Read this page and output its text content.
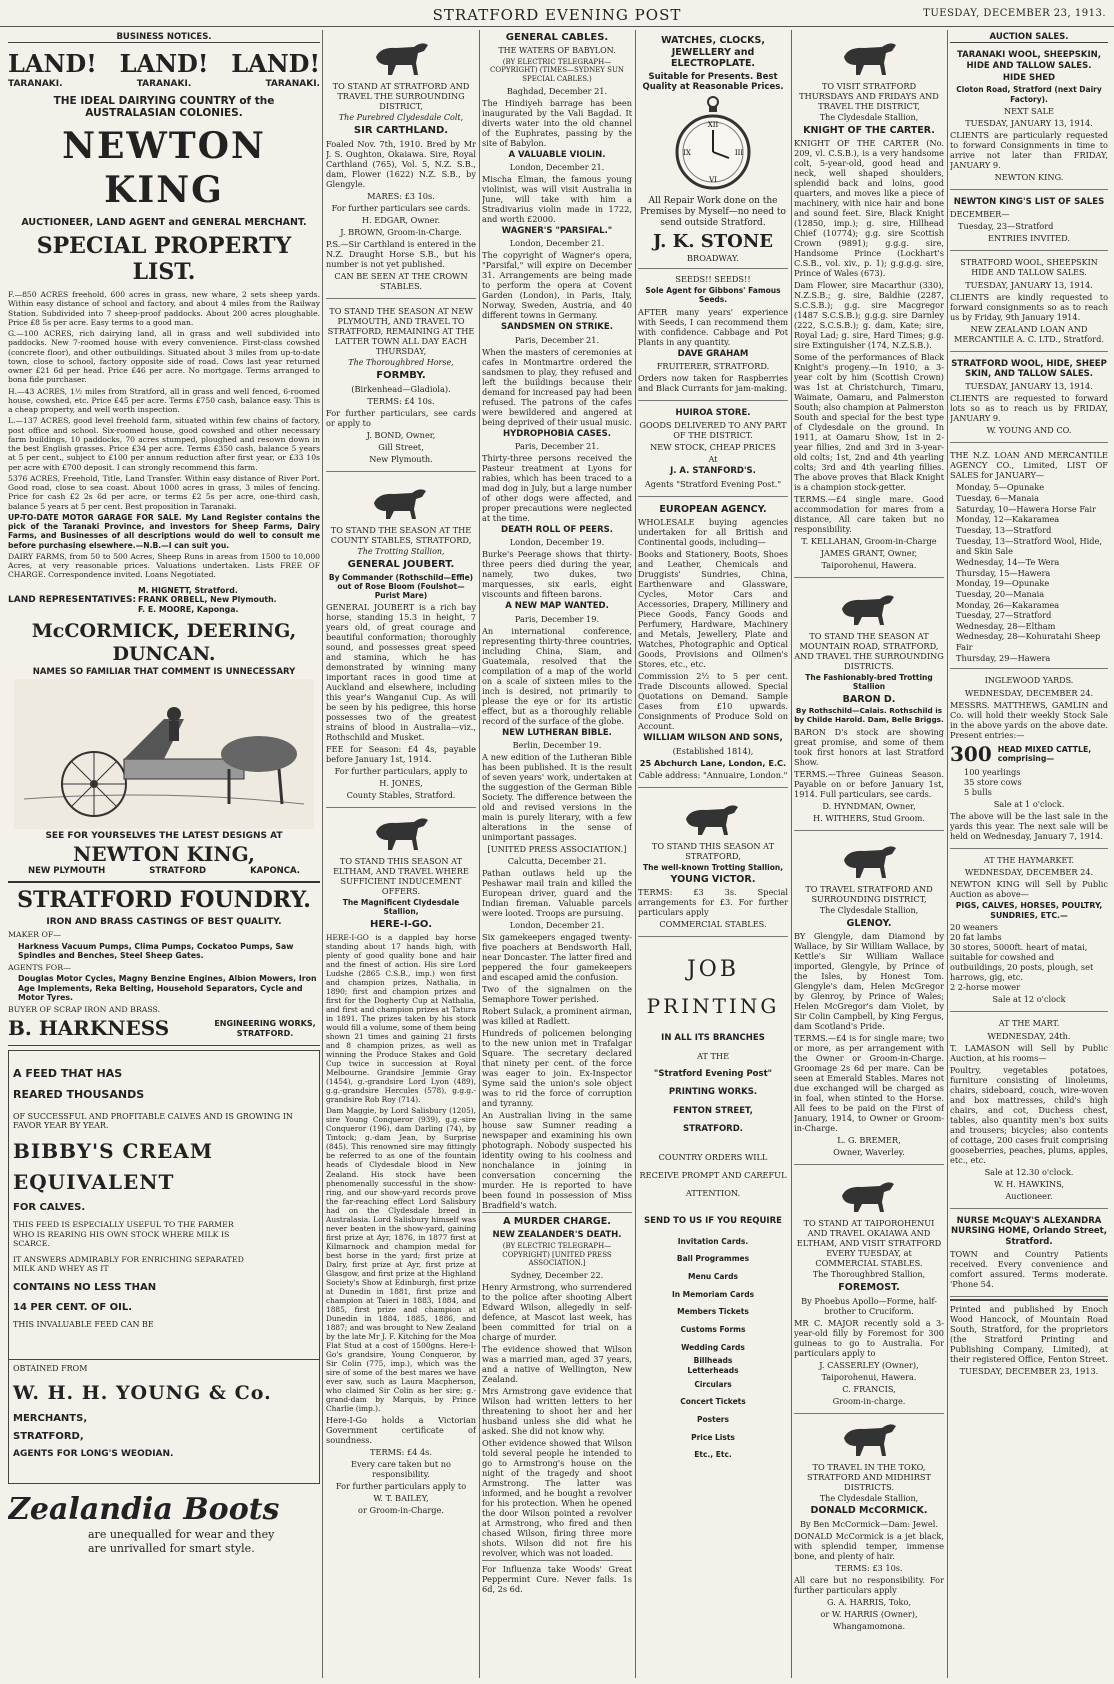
STRATFORD EVENING POST	TUESDAY, DECEMBER 23, 1913.
BUSINESS NOTICES.
LAND! LAND! LAND!
TARANAKI.	TARANAKI.	TARANAKI.
THE IDEAL DAIRYING COUNTRY of the AUSTRALASIAN COLONIES.
NEWTON KING
AUCTIONEER, LAND AGENT and GENERAL MERCHANT.
SPECIAL PROPERTY LIST.

F.—850 ACRES freehold, 600 acres in grass, new whare, 2 sets sheep yards. Within easy distance of school and factory, and about 4 miles from the Railway Station. Subdivided into 7 sheep-proof paddocks. About 200 acres ploughable. Price £8 5s per acre. Easy terms to a good man.

G.—100 ACRES, rich dairying land, all in grass and well subdivided into paddocks. New 7-roomed house with every convenience. First-class cowshed (concrete floor), and other outbuildings. Situated about 3 miles from up-to-date town, close to school, factory opposite side of road. Cows last year returned owner £21 6d per head. Price £46 per acre. No mortgage. Terms arranged to bona fide purchaser.

H.—43 ACRES, 1½ miles from Stratford, all in grass and well fenced, 6-roomed house, cowshed, etc. Price £45 per acre. Terms £750 cash, balance easy. This is a cheap property, and well worth inspection.

L.—137 ACRES, good level freehold farm, situated within few chains of factory, post office and school. Six-roomed house, good cowshed and other necessary farm buildings, 10 paddocks, 70 acres stumped, ploughed and resown down in the best English grasses. Price £34 per acre. Terms £350 cash, balance 5 years at 5 per cent., subject to £100 per annum reduction after first year, or £33 10s per acre with £700 deposit. I can strongly recommend this farm.

5376 ACRES, Freehold, Title, Land Transfer. Within easy distance of River Port. Good road, close to sea coast. About 1000 acres in grass, 3 miles of fencing. Price for cash £2 2s 6d per acre, or terms £2 5s per acre, one-third cash, balance 5 years at 5 per cent. Best proposition in Taranaki.

UP-TO-DATE MOTOR GARAGE FOR SALE. My Land Register contains the pick of the Taranaki Province, and investors for Sheep Farms, Dairy Farms, and Businesses of all descriptions would do well to consult me before purchasing elsewhere.—N.B.—I can suit you.

DAIRY FARMS, from 50 to 500 Acres, Sheep Runs in areas from 1500 to 10,000 Acres, at very reasonable prices. Valuations undertaken. Lists FREE OF CHARGE. Correspondence invited. Loans Negotiated.

LAND REPRESENTATIVES:
M. HIGNETT, Stratford.
FRANK ORBELL, New Plymouth.
F. E. MOORE, Kaponga.
McCORMICK, DEERING, DUNCAN.
NAMES SO FAMILIAR THAT COMMENT IS UNNECESSARY
SEE FOR YOURSELVES THE LATEST DESIGNS AT
NEWTON KING,
NEW PLYMOUTH	STRATFORD	KAPONCA.
STRATFORD FOUNDRY.
IRON AND BRASS CASTINGS OF BEST QUALITY.

MAKER OF—

Harkness Vacuum Pumps, Clima Pumps, Cockatoo Pumps, Saw Spindles and Benches, Steel Sheep Gates.

AGENTS FOR—

Douglas Motor Cycles, Magny Benzine Engines, Albion Mowers, Iron Age Implements, Reka Belting, Household Separators, Cycle and Motor Tyres.

BUYER OF SCRAP IRON AND BRASS.

B. HARKNESS	ENGINEERING WORKS, STRATFORD.
A FEED THAT HAS
REARED THOUSANDS
OF SUCCESSFUL AND PROFITABLE CALVES AND IS GROWING IN FAVOR YEAR BY YEAR.
BIBBY'S CREAM
EQUIVALENT
FOR CALVES.
THIS FEED IS ESPECIALLY USEFUL TO THE FARMER WHO IS REARING HIS OWN STOCK WHERE MILK IS SCARCE.
IT ANSWERS ADMIRABLY FOR ENRICHING SEPARATED MILK AND WHEY AS IT
CONTAINS NO LESS THAN
14 PER CENT. OF OIL.
THIS INVALUABLE FEED CAN BE
OBTAINED FROM
W. H. H. YOUNG & Co.
MERCHANTS,
STRATFORD,
AGENTS FOR LONG'S WEODIAN.
Zealandia Boots
are unequalled for wear and they
are unrivalled for smart style.
TO STAND AT STRATFORD AND TRAVEL THE SURROUNDING DISTRICT,
The Purebred Clydesdale Colt,
SIR CARTHLAND.

Foaled Nov. 7th, 1910. Bred by Mr J. S. Oughton, Okaiawa. Sire, Royal Carthland (765), Vol. 5, N.Z. S.B., dam, Flower (1622) N.Z. S.B., by Glengyle.

MARES: £3 10s.

For further particulars see cards.

H. EDGAR, Owner.

J. BROWN, Groom-in-Charge.

P.S.—Sir Carthland is entered in the N.Z. Draught Horse S.B., but his number is not yet published.

CAN BE SEEN AT THE CROWN STABLES.

TO STAND THE SEASON AT NEW PLYMOUTH, AND TRAVEL TO STRATFORD, REMAINING AT THE LATTER TOWN ALL DAY EACH THURSDAY,

The Thoroughbred Horse,

FORMBY.

(Birkenhead—Gladiola).

TERMS: £4 10s.

For further particulars, see cards or apply to

J. BOND, Owner,

Gill Street,

New Plymouth.

TO STAND THE SEASON AT THE COUNTY STABLES, STRATFORD,

The Trotting Stallion,

GENERAL JOUBERT.

By Commander (Rothschild—Effie) out of Rose Bloom (Foulshot—Purist Mare)

GENERAL JOUBERT is a rich bay horse, standing 15.3 in height, 7 years old, of great courage and beautiful conformation; thoroughly sound, and possesses great speed and stamina, which he has demonstrated by winning many important races in good time at Auckland and elsewhere, including this year's Wanganui Cup. As will be seen by his pedigree, this horse possesses two of the greatest strains of blood in Australia—viz., Rothschild and Musket.

FEE for Season: £4 4s, payable before January 1st, 1914.

For further particulars, apply to

H. JONES,

County Stables, Stratford.

TO STAND THIS SEASON AT ELTHAM, AND TRAVEL WHERE SUFFICIENT INDUCEMENT OFFERS.

The Magnificent Clydesdale Stallion,

HERE-I-GO.

HERE-I-GO is a dappled bay horse standing about 17 hands high, with plenty of good quality bone and hair and the finest of action. His sire Lord Ludshe (2865 C.S.B., imp.) won first and champion prizes, Nathalia, in 1890; first and champion prizes and first for the Dogherty Cup at Nathalia, and first and champion prizes at Tatura in 1891. The prizes taken by his stock would fill a volume, some of them being shown 21 times and gaining 21 firsts and 8 champion prizes, as well as winning the Produce Stakes and Gold Cup twice in succession at Royal Melbourne. Grandsire Jemmie Gray (1454), g.-grandsire Lord Lyon (489), g.g.-grandsire Hercules (578), g.g.g.-grandsire Rob Roy (714).

Dam Maggie, by Lord Salisbury (1205), sire Young Conqueror (939), g.g.-sire Conqueror (196), dam Darling (74), by Tintock; g.-dam Jean, by Surprise (845). This renowned sire may fittingly be referred to as one of the fountain heads of Clydesdale blood in New Zealand. His stock have been phenomenally successful in the show-ring, and our show-yard records prove the far-reaching effect Lord Salisbury had on the Clydesdale breed in Australasia. Lord Salisbury himself was never beaten in the show-yard, gaining first prize at Ayr, 1876, in 1877 first at Kilmarnock and champion medal for best horse in the yard; first prize at Dalry, first prize at Ayr, first prize at Glasgow, and first prize at the Highland Society's Show at Edinburgh, first prize at Dunedin in 1881, first prize and champion at Taieri in 1883, 1884, and 1885, first prize and champion at Dunedin in 1884, 1885, 1886, and 1887; and was brought to New Zealand by the late Mr J. F. Kitching for the Moa Flat Stud at a cost of 1500gns. Here-I-Go's grandsire, Young Conqueror, by Sir Colin (775, imp.), which was the sire of some of the best mares we have ever saw, such as Laura Macpherson, who claimed Sir Colin as her sire; g.-grand-dam by Marquis, by Prince Charlie (imp.).

Here-I-Go holds a Victorian Government certificate of soundness.

TERMS: £4 4s.

Every care taken but no responsibility.

For further particulars apply to

W. T. BAILEY,

or Groom-in-Charge.

GENERAL CABLES.
THE WATERS OF BABYLON.

(BY ELECTRIC TELEGRAPH—COPYRIGHT) (TIMES—SYDNEY SUN SPECIAL CABLES.)

Baghdad, December 21.

The Hindiyeh barrage has been inaugurated by the Vali Bagdad. It diverts water into the old channel of the Euphrates, passing by the site of Babylon.

A VALUABLE VIOLIN.

London, December 21.

Mischa Elman, the famous young violinist, was will visit Australia in June, will take with him a Stradivarius violin made in 1722, and worth £2000.

WAGNER'S "PARSIFAL."

London, December 21.

The copyright of Wagner's opera, "Parsifal," will expire on December 31. Arrangements are being made to perform the opera at Covent Garden (London), in Paris, Italy, Norway, Sweden, Austria, and 40 different towns in Germany.

SANDSMEN ON STRIKE.

Paris, December 21.

When the masters of ceremonies at cafes in Montmartre ordered the sandsmen to play, they refused and left the buildings because their demand for increased pay had been refused. The patrons of the cafes were bewildered and angered at being deprived of their usual music.

HYDROPHOBIA CASES.

Paris, December 21.

Thirty-three persons received the Pasteur treatment at Lyons for rabies, which has been traced to a mad dog in July, but a large number of other dogs were affected, and proper precautions were neglected at the time.

DEATH ROLL OF PEERS.

London, December 19.

Burke's Peerage shows that thirty-three peers died during the year, namely, two dukes, two marquesses, six earls, eight viscounts and fifteen barons.

A NEW MAP WANTED.

Paris, December 19.

An international conference, representing thirty-three countries, including China, Siam, and Guatemala, resolved that the compilation of a map of the world on a scale of sixteen miles to the inch is desired, not primarily to please the eye or for its artistic effect, but as a thoroughly reliable record of the surface of the globe.

NEW LUTHERAN BIBLE.

Berlin, December 19.

A new edition of the Lutheran Bible has been published. It is the result of seven years' work, undertaken at the suggestion of the German Bible Society. The difference between the old and revised versions in the main is purely literary, with a few alterations in the sense of unimportant passages.

[UNITED PRESS ASSOCIATION.]

Calcutta, December 21.

Pathan outlaws held up the Peshawar mail train and killed the European driver, guard and the Indian fireman. Valuable parcels were looted. Troops are pursuing.

London, December 21.

Six gamekeepers engaged twenty-five poachers at Bendsworth Hall, near Doncaster. The latter fired and peppered the four gamekeepers and escaped amid the confusion.

Two of the signalmen on the Semaphore Tower perished.

Robert Sulack, a prominent airman, was killed at Radlett.

Hundreds of policemen belonging to the new union met in Trafalgar Square. The secretary declared that ninety per cent. of the force was eager to join. Ex-Inspector Syme said the union's sole object was to rid the force of corruption and tyranny.

An Australian living in the same house saw Sumner reading a newspaper and examining his own photograph. Nobody suspected his identity owing to his coolness and nonchalance in joining in conversation concerning the murder. He is reported to have been found in possession of Miss Bradfield's watch.

A MURDER CHARGE.
NEW ZEALANDER'S DEATH.

(BY ELECTRIC TELEGRAPH—COPYRIGHT) [UNITED PRESS ASSOCIATION.]

Sydney, December 22.

Henry Armstrong, who surrendered to the police after shooting Albert Edward Wilson, allegedly in self-defence, at Mascot last week, has been committed for trial on a charge of murder.

The evidence showed that Wilson was a married man, aged 37 years, and a native of Wellington, New Zealand.

Mrs Armstrong gave evidence that Wilson had written letters to her threatening to shoot her and her husband unless she did what he asked. She did not know why.

Other evidence showed that Wilson told several people he intended to go to Armstrong's house on the night of the tragedy and shoot Armstrong. The latter was informed, and he bought a revolver for his protection. When he opened the door Wilson pointed a revolver at Armstrong, who fired and then chased Wilson, firing three more shots. Wilson did not fire his revolver, which was not loaded.

For Influenza take Woods' Great Peppermint Cure. Never fails. 1s 6d, 2s 6d.

WATCHES, CLOCKS, JEWELLERY and ELECTROPLATE.
Suitable for Presents. Best Quality at Reasonable Prices.
XII
III
VI
IX

All Repair Work done on the Premises by Myself—no need to send outside Stratford.

J. K. STONE
BROADWAY.
SEEDS!! SEEDS!!
Sole Agent for Gibbons' Famous Seeds.

AFTER many years' experience with Seeds, I can recommend them with confidence. Cabbage and Pot Plants in any quantity.

DAVE GRAHAM
FRUITERER, STRATFORD.

Orders now taken for Raspberries and Black Currants for jam-making.

HUIROA STORE.

GOODS DELIVERED TO ANY PART OF THE DISTRICT.

NEW STOCK, CHEAP PRICES

At

J. A. STANFORD'S.

Agents "Stratford Evening Post."

EUROPEAN AGENCY.

WHOLESALE buying agencies undertaken for all British and Continental goods, including—

Books and Stationery, Boots, Shoes and Leather, Chemicals and Druggists' Sundries, China, Earthenware and Glassware, Cycles, Motor Cars and Accessories, Drapery, Millinery and Piece Goods, Fancy Goods and Perfumery, Hardware, Machinery and Metals, Jewellery, Plate and Watches, Photographic and Optical Goods, Provisions and Oilmen's Stores, etc., etc.

Commission 2½ to 5 per cent. Trade Discounts allowed. Special Quotations on Demand. Sample Cases from £10 upwards. Consignments of Produce Sold on Account.

WILLIAM WILSON AND SONS,

(Established 1814),

25 Abchurch Lane, London, E.C.

Cable address: "Annuaire, London."

TO STAND THIS SEASON AT STRATFORD,

The well-known Trotting Stallion,
YOUNG VICTOR.

TERMS: £3 3s. Special arrangements for £3. For further particulars apply

COMMERCIAL STABLES.

JOB
PRINTING
IN ALL ITS BRANCHES
AT THE
"Stratford Evening Post"
PRINTING WORKS.
FENTON STREET,
STRATFORD.
COUNTRY ORDERS WILL RECEIVE PROMPT AND CAREFUL ATTENTION.
SEND TO US IF YOU REQUIRE
Invitation Cards.
Ball Programmes
Menu Cards
In Memoriam Cards
Members Tickets
Customs Forms
Wedding Cards
Billheads
Letterheads
Circulars
Concert Tickets
Posters
Price Lists
Etc., Etc.

TO VISIT STRATFORD THURSDAYS AND FRIDAYS AND TRAVEL THE DISTRICT,

The Clydesdale Stallion,
KNIGHT OF THE CARTER.

KNIGHT OF THE CARTER (No. 209, vl. C.S.B.), is a very handsome colt, 5-year-old, good head and neck, well shaped shoulders, splendid back and loins, good quarters, and moves like a piece of machinery, with nice hair and bone and sound feet. Sire, Black Knight (12850, imp.); g. sire, Hillhead Chief (10774); g.g. sire Scottish Crown (9891); g.g.g. sire, Handsome Prince (Lockhart's C.S.B., vol. xiv., p. 1); g.g.g.g. sire, Prince of Wales (673).

Dam Flower, sire Macarthur (330), N.Z.S.B.; g. sire, Baldhie (2287, S.C.S.B.); g.g. sire Macgregor (1487 S.C.S.B.); g.g.g. sire Darnley (222, S.C.S.B.); g. dam, Kate; sire, Royal Lad; g. sire, Hard Times; g.g. sire Extinguisher (174, N.Z.S.B.).

Some of the performances of Black Knight's progeny.—In 1910, a 3-year colt by him (Scottish Crown) was 1st at Christchurch, Timaru, Waimate, Oamaru, and Palmerston South; also champion at Palmerston South and special for the best type of Clydesdale on the ground. In 1911, at Oamaru Show, 1st in 2-year fillies, 2nd and 3rd in 3-year-old colts; 1st, 2nd and 4th yearling colts; 3rd and 4th yearling fillies. The above proves that Black Knight is a champion stock-getter.

TERMS.—£4 single mare. Good accommodation for mares from a distance, All care taken but no responsibility.

T. KELLAHAN, Groom-in-Charge

JAMES GRANT, Owner,

Taiporohenui, Hawera.

TO STAND THE SEASON AT MOUNTAIN ROAD, STRATFORD, AND TRAVEL THE SURROUNDING DISTRICTS.

The Fashionably-bred Trotting Stallion
BARON D.

By Rothschild—Calais. Rothschild is by Childe Harold. Dam, Belle Briggs.

BARON D's stock are showing great promise, and some of them took first honors at last Stratford Show.

TERMS.—Three Guineas Season. Payable on or before January 1st, 1914. Full particulars, see cards.

D. HYNDMAN, Owner,

H. WITHERS, Stud Groom.

TO TRAVEL STRATFORD AND SURROUNDING DISTRICT,

The Clydesdale Stallion,
GLENOY.

BY Glengyle, dam Diamond by Wallace, by Sir William Wallace, by Kettle's Sir William Wallace imported, Glengyle, by Prince of the Isles, by Honest Tom. Glengyle's dam, Helen McGregor by Glenroy, by Prince of Wales; Helen McGregor's dam Violet, by Sir Colin Campbell, by King Fergus, dam Scotland's Pride.

TERMS.—£4 is for single mare; two or more, as per arrangement with the Owner or Groom-in-Charge. Groomage 2s 6d per mare. Can be seen at Emerald Stables. Mares not due exchanged will be charged as in foal, when stinted to the Horse. All fees to be paid on the First of January, 1914, to Owner or Groom-in-Charge.

L. G. BREMER,

Owner, Waverley.

TO STAND AT TAIPOROHENUI AND TRAVEL OKAIAWA AND ELTHAM, AND VISIT STRATFORD EVERY TUESDAY, at COMMERCIAL STABLES.

The Thoroughbred Stallion,
FOREMOST.

By Phoebus Apollo—Forme, half-brother to Cruciform.

MR C. MAJOR recently sold a 3-year-old filly by Foremost for 300 guineas to go to Australia. For particulars apply to

J. CASSERLEY (Owner),

Taiporohenui, Hawera.

C. FRANCIS,

Groom-in-charge.

TO TRAVEL IN THE TOKO, STRATFORD AND MIDHIRST DISTRICTS.

The Clydesdale Stallion,
DONALD McCORMICK.

By Ben McCormick—Dam: Jewel.

DONALD McCormick is a jet black, with splendid temper, immense bone, and plenty of hair.

TERMS: £3 10s.

All care but no responsibility. For further particulars apply

G. A. HARRIS, Toko,

or W. HARRIS (Owner),

Whangamomona.

AUCTION SALES.
TARANAKI WOOL, SHEEPSKIN, HIDE AND TALLOW SALES.
HIDE SHED

Cloton Road, Stratford (next Dairy Factory).

NEXT SALE

TUESDAY, JANUARY 13, 1914.

CLIENTS are particularly requested to forward Consignments in time to arrive not later than FRIDAY, JANUARY 9.

NEWTON KING.

NEWTON KING'S LIST OF SALES

DECEMBER—

Tuesday, 23—Stratford

ENTRIES INVITED.

STRATFORD WOOL, SHEEPSKIN HIDE AND TALLOW SALES.

TUESDAY, JANUARY 13, 1914.

CLIENTS are kindly requested to forward consignments so as to reach us by Friday, 9th January 1914.

NEW ZEALAND LOAN AND MERCANTILE A. C. LTD., Stratford.

STRATFORD WOOL, HIDE, SHEEP SKIN, AND TALLOW SALES.

TUESDAY, JANUARY 13, 1914.

CLIENTS are requested to forward lots so as to reach us by FRIDAY, JANUARY 9.

W. YOUNG AND CO.

THE N.Z. LOAN AND MERCANTILE AGENCY CO., Limited, LIST OF SALES for JANUARY—

Monday, 5—Opunake
Tuesday, 6—Manaia
Saturday, 10—Hawera Horse Fair
Monday, 12—Kakaramea
Tuesday, 13—Stratford
Tuesday, 13—Stratford Wool, Hide, and Skin Sale
Wednesday, 14—Te Wera
Thursday, 15—Hawera
Monday, 19—Opunake
Tuesday, 20—Manaia
Monday, 26—Kakaramea
Tuesday, 27—Stratford
Wednesday, 28—Eltham
Wednesday, 28—Kohuratahi Sheep Fair
Thursday, 29—Hawera
INGLEWOOD YARDS.

WEDNESDAY, DECEMBER 24.

MESSRS. MATTHEWS, GAMLIN and Co. will hold their weekly Stock Sale in the above yards on the above date. Present entries:—

300 HEAD MIXED CATTLE, comprising—
100 yearlings
35 store cows
5 bulls

Sale at 1 o'clock.

The above will be the last sale in the yards this year. The next sale will be held on Wednesday, January 7, 1914.

AT THE HAYMARKET.

WEDNESDAY, DECEMBER 24.

NEWTON KING will Sell by Public Auction as above—

PIGS, CALVES, HORSES, POULTRY, SUNDRIES, ETC.—

20 weaners
20 fat lambs
30 stores, 5000ft. heart of matai, suitable for cowshed and outbuildings, 20 posts, plough, set harrows, gig, etc.
2 2-horse mower

Sale at 12 o'clock

AT THE MART.

WEDNESDAY, 24th.

T. LAMASON will Sell by Public Auction, at his rooms—

Poultry, vegetables potatoes, furniture consisting of linoleums, chairs, sideboard, couch, wire-woven and box mattresses, child's high chairs, and cot, Duchess chest, tables, also quantity men's box suits and trousers; bicycles; also contents of cottage, 200 cases fruit comprising gooseberries, peaches, plums, apples, etc., etc.

Sale at 12.30 o'clock.

W. H. HAWKINS,

Auctioneer.

NURSE McQUAY'S ALEXANDRA NURSING HOME, Orlando Street, Stratford.

TOWN and Country Patients received. Every convenience and comfort assured. Terms moderate. 'Phone 54.

Printed and published by Enoch Wood Hancock, of Mountain Road South, Stratford, for the proprietors (the Stratford Printing and Publishing Company, Limited), at their registered Office, Fenton Street.

TUESDAY, DECEMBER 23, 1913.
